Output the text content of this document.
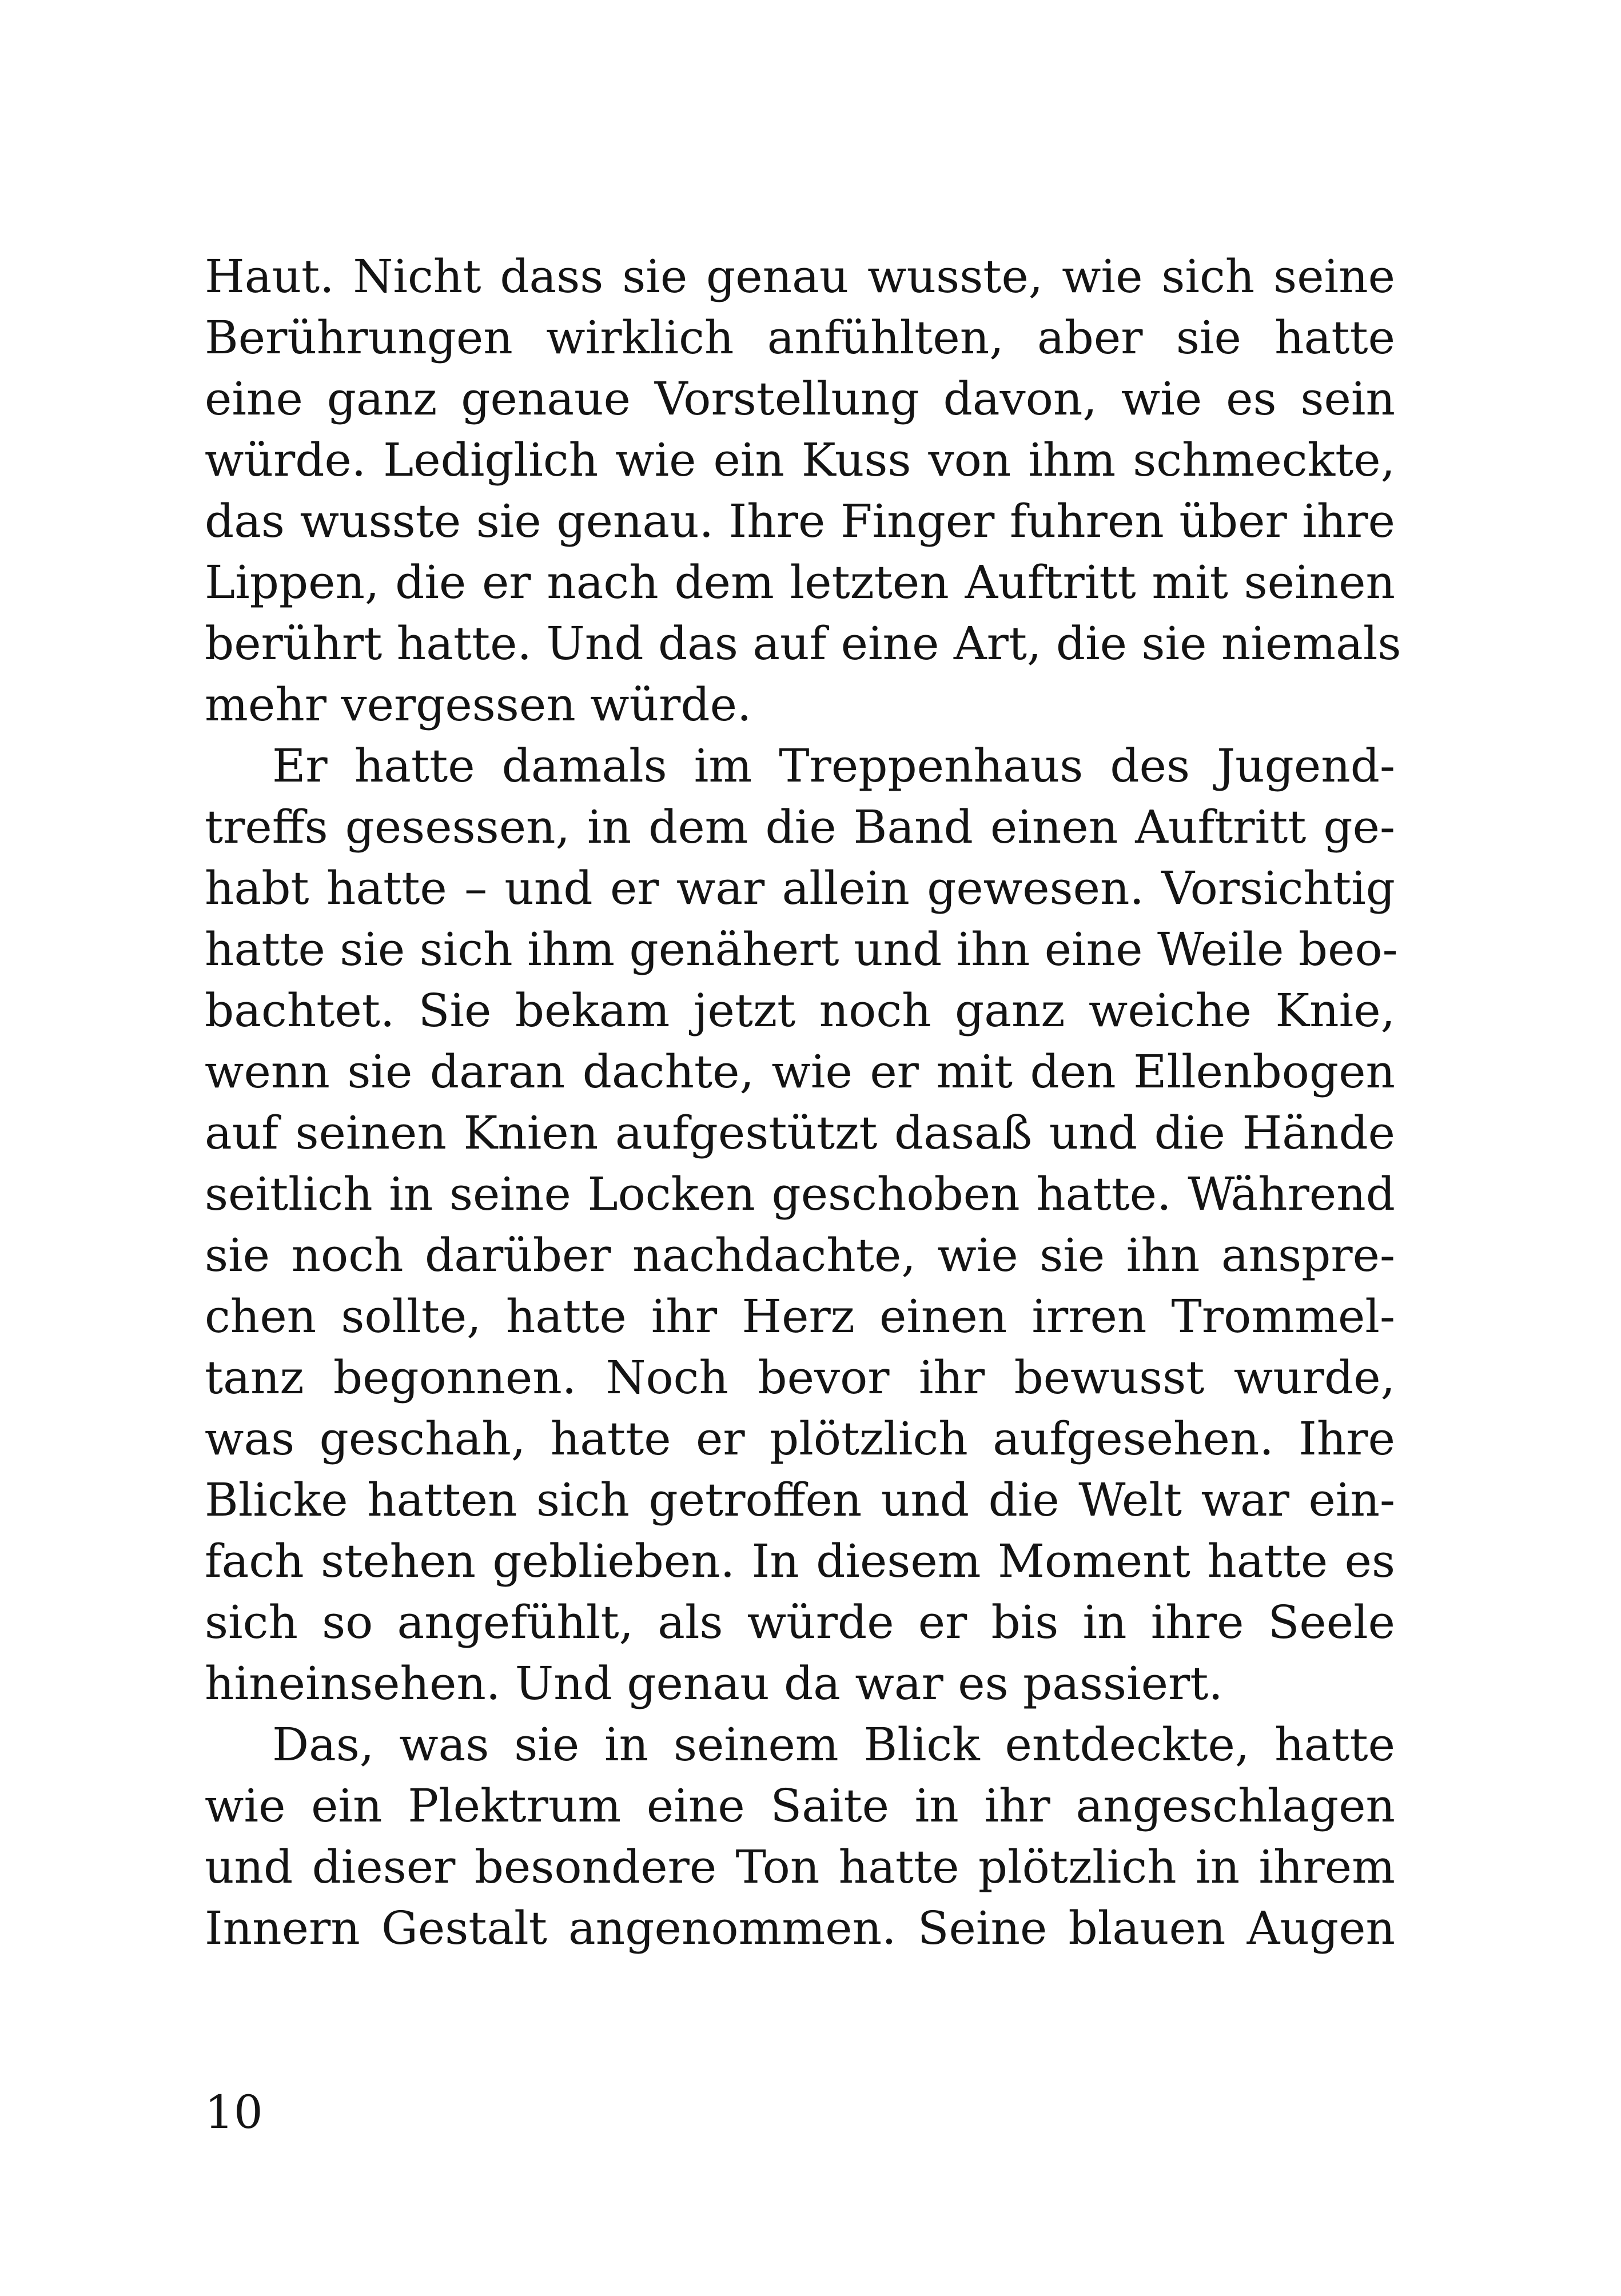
Haut. Nicht dass sie genau wusste, wie sich seine
Berührungen wirklich anfühlten, aber sie hatte
eine ganz genaue Vorstellung davon, wie es sein
würde. Lediglich wie ein Kuss von ihm schmeckte,
das wusste sie genau. Ihre Finger fuhren über ihre
Lippen, die er nach dem letzten Auftritt mit seinen
berührt hatte. Und das auf eine Art, die sie niemals
mehr vergessen würde.

Er hatte damals im Treppenhaus des Jugend-
treffs gesessen, in dem die Band einen Auftritt ge-
habt hatte – und er war allein gewesen. Vorsichtig
hatte sie sich ihm genähert und ihn eine Weile beo-
bachtet. Sie bekam jetzt noch ganz weiche Knie,
wenn sie daran dachte, wie er mit den Ellenbogen
auf seinen Knien aufgestützt dasaß und die Hände
seitlich in seine Locken geschoben hatte. Während
sie noch darüber nachdachte, wie sie ihn anspre-
chen sollte, hatte ihr Herz einen irren Trommel-
tanz begonnen. Noch bevor ihr bewusst wurde,
was geschah, hatte er plötzlich aufgesehen. Ihre
Blicke hatten sich getroffen und die Welt war ein-
fach stehen geblieben. In diesem Moment hatte es
sich so angefühlt, als würde er bis in ihre Seele
hineinsehen. Und genau da war es passiert.

Das, was sie in seinem Blick entdeckte, hatte
wie ein Plektrum eine Saite in ihr angeschlagen
und dieser besondere Ton hatte plötzlich in ihrem
Innern Gestalt angenommen. Seine blauen Augen

10
